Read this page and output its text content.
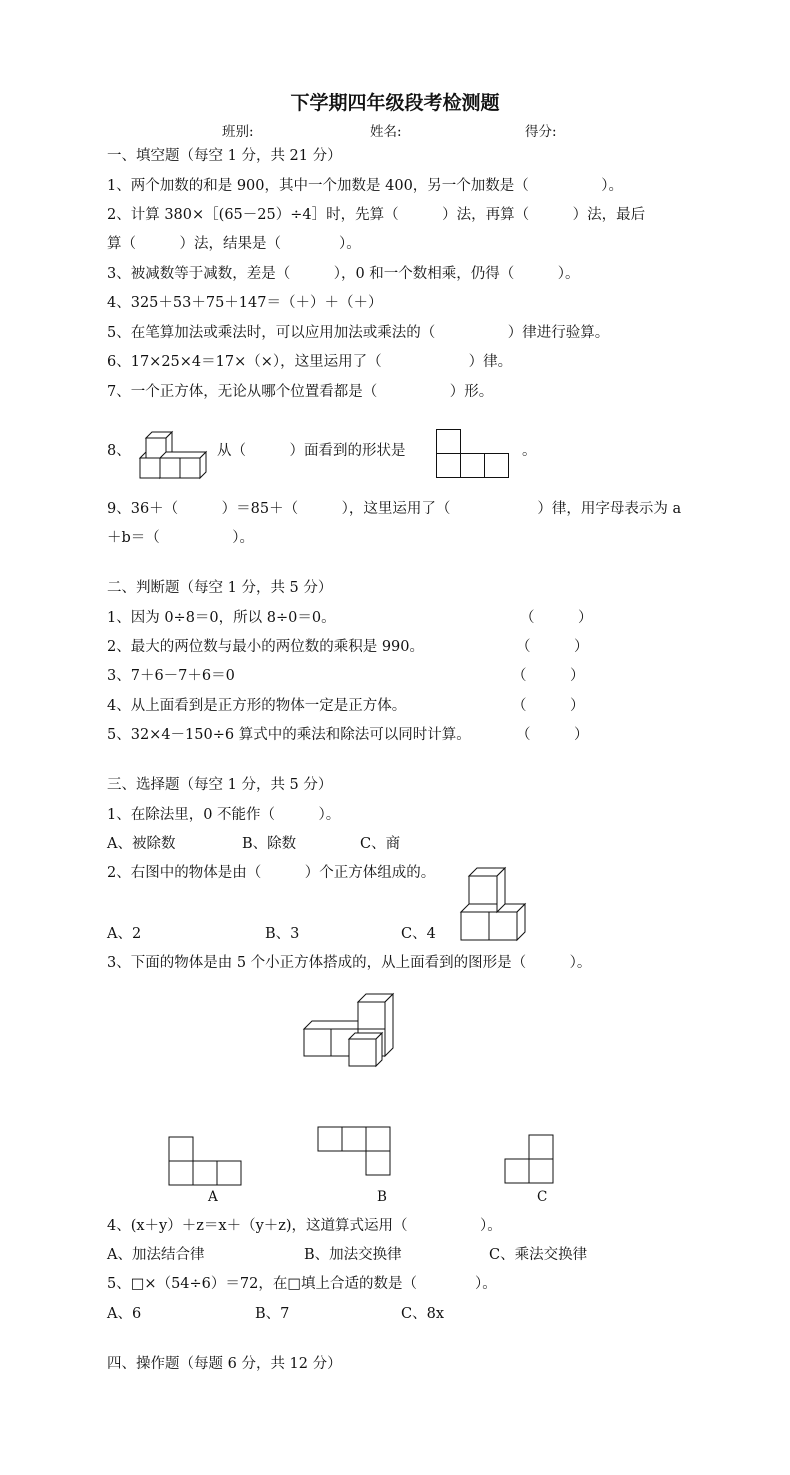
下学期四年级段考检测题
班别:	姓名:	得分:
一、填空题（每空 1 分，共 21 分）
1、两个加数的和是 900，其中一个加数是 400，另一个加数是（　　　　　）。
2、计算 380×［(65－25）÷4］时，先算（　　　）法，再算（　　　）法，最后
算（　　　）法，结果是（　　　　）。
3、被减数等于减数，差是（　　　），0 和一个数相乘，仍得（　　　）。
4、325＋53＋75＋147＝（＋）＋（＋）
5、在笔算加法或乘法时，可以应用加法或乘法的（　　　　　）律进行验算。
6、17×25×4＝17×（×），这里运用了（　　　　　　）律。
7、一个正方体，无论从哪个位置看都是（　　　　　）形。
8、	从（　　　）面看到的形状是	。
9、36＋（　　　）＝85＋（　　　），这里运用了（　　　　　　）律，用字母表示为 a
＋b＝（　　　　　）。
二、判断题（每空 1 分，共 5 分）
1、因为 0÷8＝0，所以 8÷0＝0。	（　　　）
2、最大的两位数与最小的两位数的乘积是 990。	（　　　）
3、7＋6－7＋6＝0	（　　　）
4、从上面看到是正方形的物体一定是正方体。	（　　　）
5、32×4－150÷6 算式中的乘法和除法可以同时计算。	（　　　）
三、选择题（每空 1 分，共 5 分）
1、在除法里，0 不能作（　　　）。
A、被除数	B、除数	C、商
2、右图中的物体是由（　　　）个正方体组成的。
A、2	B、3	C、4
3、下面的物体是由 5 个小正方体搭成的，从上面看到的图形是（　　　）。
A	B	C
4、(x＋y）＋z＝x＋（y＋z)，这道算式运用（　　　　　）。
A、加法结合律	B、加法交换律	C、乘法交换律
5、□×（54÷6）＝72，在□填上合适的数是（　　　　）。
A、6	B、7	C、8x
四、操作题（每题 6 分，共 12 分）
